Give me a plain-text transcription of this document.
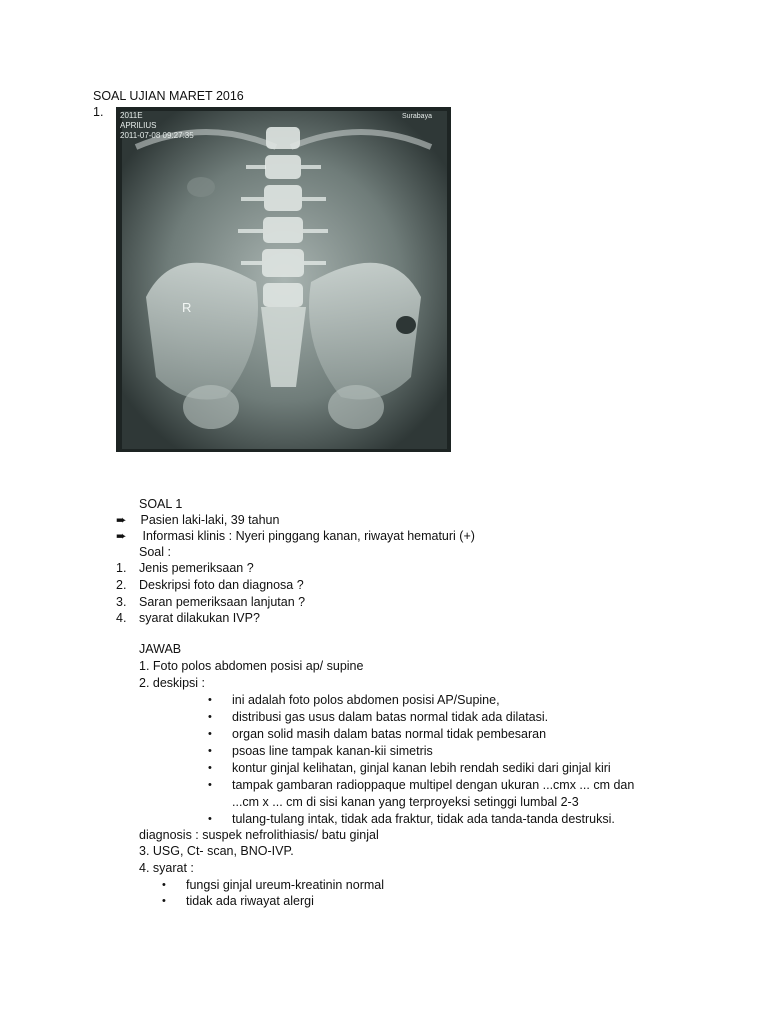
SOAL UJIAN MARET 2016
1. 2011E
APRILIUS
2011-07-08 09:27:35
Surabaya
R
SOAL 1
➨ Pasien laki-laki, 39 tahun
➨ Informasi klinis : Nyeri pinggang kanan, riwayat hematuri (+)
Soal :
1. Jenis pemeriksaan ?
2. Deskripsi foto dan diagnosa ?
3. Saran pemeriksaan lanjutan ?
4. syarat dilakukan IVP?
JAWAB
1. Foto polos abdomen posisi ap/ supine
2. deskipsi :
• ini adalah foto polos abdomen posisi AP/Supine,
• distribusi gas usus dalam batas normal tidak ada dilatasi.
• organ solid masih dalam batas normal tidak pembesaran
• psoas line tampak kanan-kii simetris
• kontur ginjal kelihatan, ginjal kanan lebih rendah sediki dari ginjal kiri
• tampak gambaran radioppaque multipel dengan ukuran ...cmx ... cm dan
...cm x ... cm di sisi kanan yang terproyeksi setinggi lumbal 2-3
• tulang-tulang intak, tidak ada fraktur, tidak ada tanda-tanda destruksi.
diagnosis : suspek nefrolithiasis/ batu ginjal
3. USG, Ct- scan, BNO-IVP.
4. syarat :
• fungsi ginjal ureum-kreatinin normal
• tidak ada riwayat alergi
